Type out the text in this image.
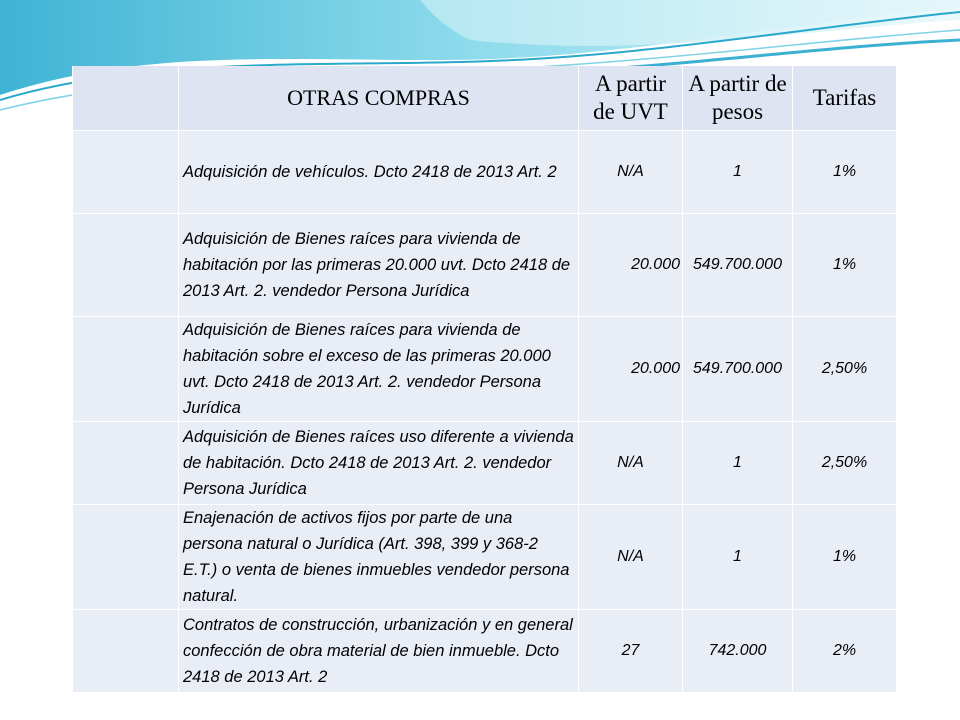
	OTRAS COMPRAS	A partir de UVT	A partir de pesos	Tarifas
	Adquisición de vehículos. Dcto 2418 de 2013 Art. 2	N/A	1	1%
	Adquisición de Bienes raíces para vivienda de habitación por las primeras 20.000 uvt. Dcto 2418 de 2013 Art. 2. vendedor Persona Jurídica	20.000	549.700.000	1%
	Adquisición de Bienes raíces para vivienda de habitación sobre el exceso de las primeras 20.000 uvt. Dcto 2418 de 2013 Art. 2. vendedor Persona Jurídica	20.000	549.700.000	2,50%
	Adquisición de Bienes raíces uso diferente a vivienda de habitación. Dcto 2418 de 2013 Art. 2. vendedor Persona Jurídica	N/A	1	2,50%
	Enajenación de activos fijos por parte de una persona natural o Jurídica (Art. 398, 399 y 368-2 E.T.) o venta de bienes inmuebles vendedor persona natural.	N/A	1	1%
	Contratos de construcción, urbanización y en general confección de obra material de bien inmueble. Dcto 2418 de 2013 Art. 2	27	742.000	2%
